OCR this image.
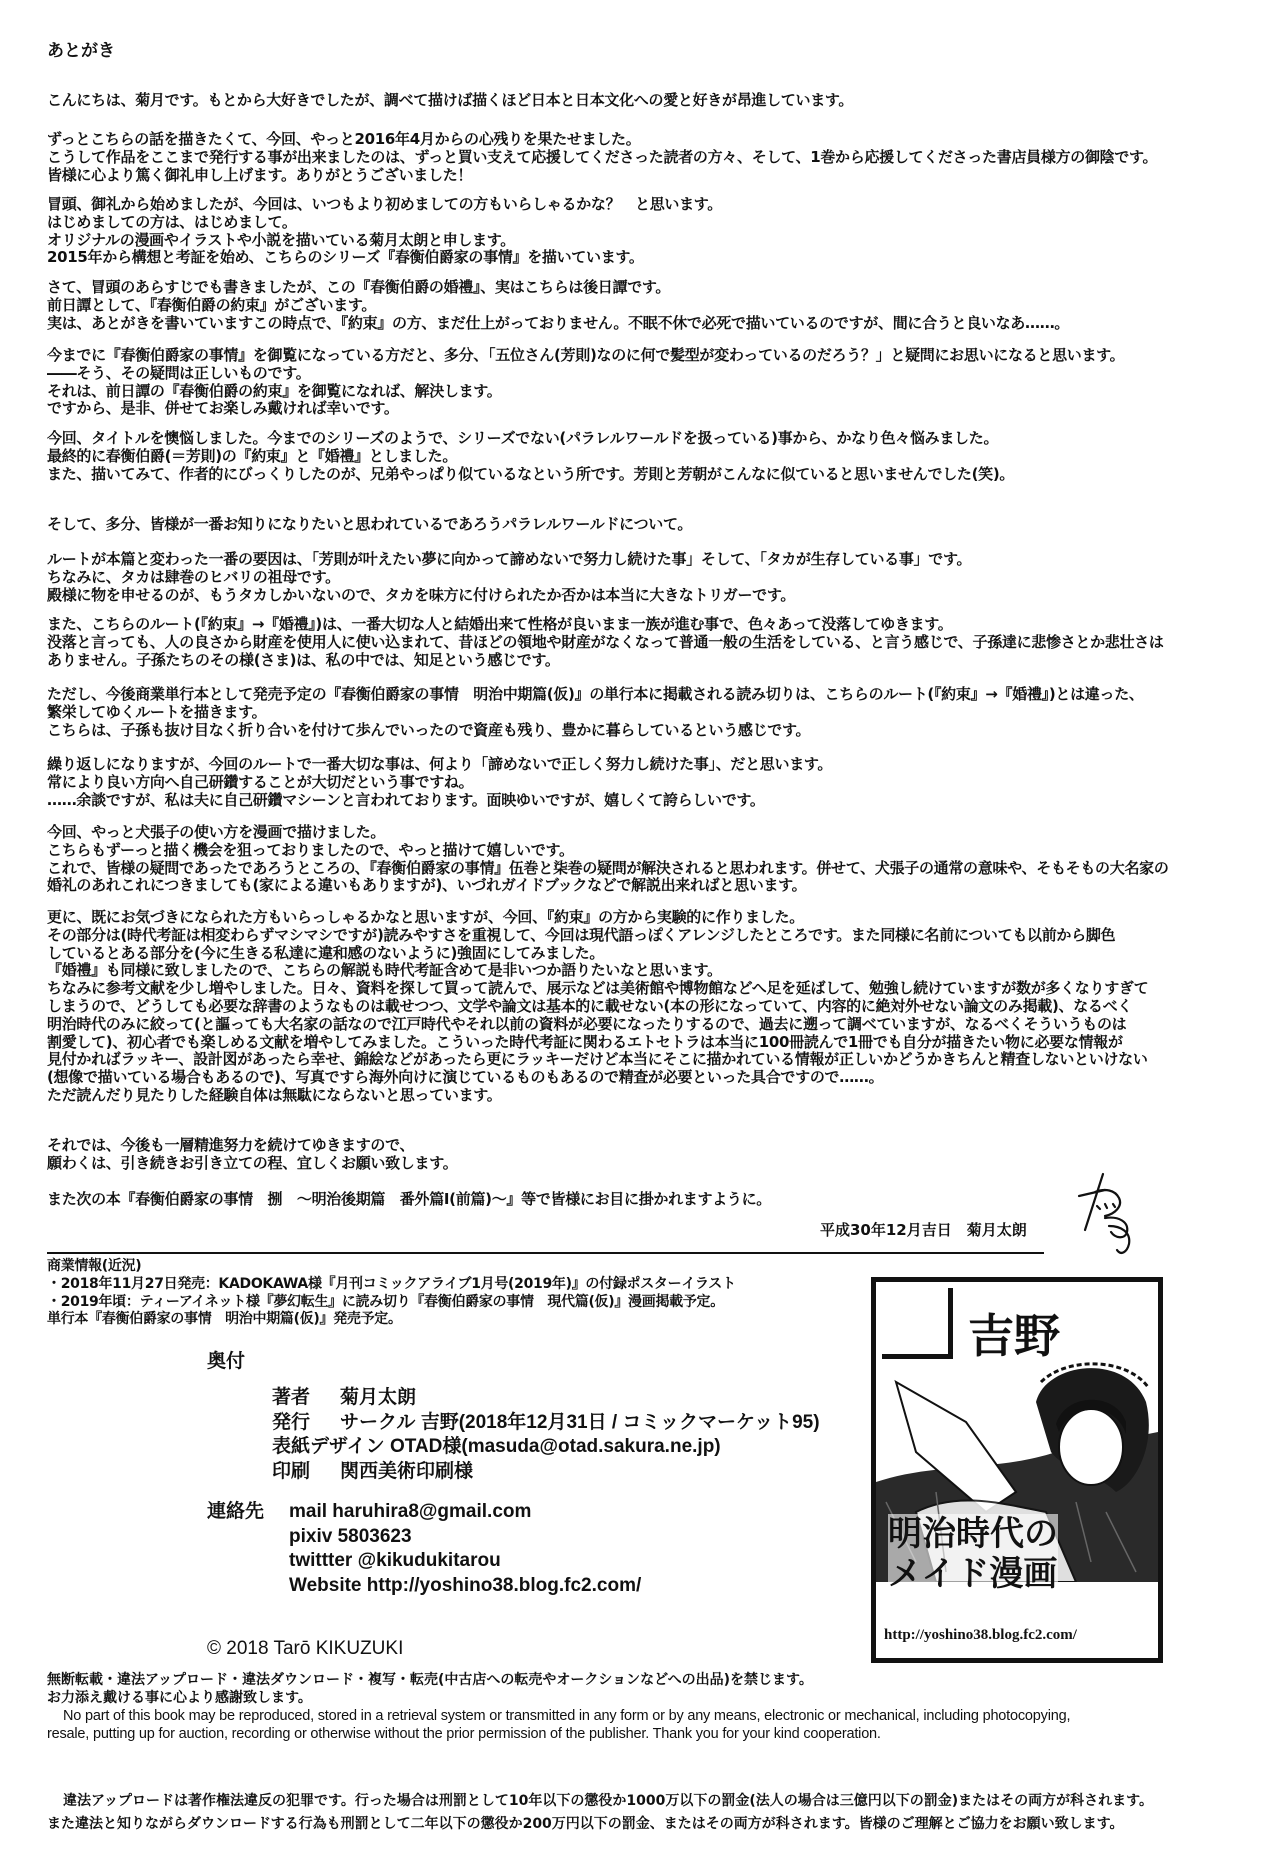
あとがき
こんにちは、菊月です。もとから大好きでしたが、調べて描けば描くほど日本と日本文化への愛と好きが昂進しています。
ずっとこちらの話を描きたくて、今回、やっと2016年4月からの心残りを果たせました。
こうして作品をここまで発行する事が出来ましたのは、ずっと買い支えて応援してくださった読者の方々、そして、1巻から応援してくださった書店員様方の御陰です。
皆様に心より篤く御礼申し上げます。ありがとうございました！
冒頭、御礼から始めましたが、今回は、いつもより初めましての方もいらしゃるかな？　と思います。
はじめましての方は、はじめまして。
オリジナルの漫画やイラストや小説を描いている菊月太朗と申します。
2015年から構想と考証を始め、こちらのシリーズ『春衡伯爵家の事情』を描いています。
さて、冒頭のあらすじでも書きましたが、この『春衡伯爵の婚禮』、実はこちらは後日譚です。
前日譚として、『春衡伯爵の約束』がございます。
実は、あとがきを書いていますこの時点で、『約束』の方、まだ仕上がっておりません。不眠不休で必死で描いているのですが、間に合うと良いなあ……。
今までに『春衡伯爵家の事情』を御覧になっている方だと、多分、「五位さん(芳則)なのに何で髪型が変わっているのだろう？」と疑問にお思いになると思います。
――そう、その疑問は正しいものです。
それは、前日譚の『春衡伯爵の約束』を御覧になれば、解決します。
ですから、是非、併せてお楽しみ戴ければ幸いです。
今回、タイトルを懊悩しました。今までのシリーズのようで、シリーズでない(パラレルワールドを扱っている)事から、かなり色々悩みました。
最終的に春衡伯爵(＝芳則)の『約束』と『婚禮』としました。
また、描いてみて、作者的にびっくりしたのが、兄弟やっぱり似ているなという所です。芳則と芳朝がこんなに似ていると思いませんでした(笑)。
そして、多分、皆様が一番お知りになりたいと思われているであろうパラレルワールドについて。
ルートが本篇と変わった一番の要因は、「芳則が叶えたい夢に向かって諦めないで努力し続けた事」そして、「タカが生存している事」です。
ちなみに、タカは肆巻のヒバリの祖母です。
殿様に物を申せるのが、もうタカしかいないので、タカを味方に付けられたか否かは本当に大きなトリガーです。
また、こちらのルート(『約束』→『婚禮』)は、一番大切な人と結婚出来て性格が良いまま一族が進む事で、色々あって没落してゆきます。
没落と言っても、人の良さから財産を使用人に使い込まれて、昔ほどの領地や財産がなくなって普通一般の生活をしている、と言う感じで、子孫達に悲惨さとか悲壮さは
ありません。子孫たちのその様(さま)は、私の中では、知足という感じです。
ただし、今後商業単行本として発売予定の『春衡伯爵家の事情　明治中期篇(仮)』の単行本に掲載される読み切りは、こちらのルート(『約束』→『婚禮』)とは違った、
繁栄してゆくルートを描きます。
こちらは、子孫も抜け目なく折り合いを付けて歩んでいったので資産も残り、豊かに暮らしているという感じです。
繰り返しになりますが、今回のルートで一番大切な事は、何より「諦めないで正しく努力し続けた事」、だと思います。
常により良い方向へ自己研鑽することが大切だという事ですね。
……余談ですが、私は夫に自己研鑽マシーンと言われております。面映ゆいですが、嬉しくて誇らしいです。
今回、やっと犬張子の使い方を漫画で描けました。
こちらもずーっと描く機会を狙っておりましたので、やっと描けて嬉しいです。
これで、皆様の疑問であったであろうところの、『春衡伯爵家の事情』伍巻と柒巻の疑問が解決されると思われます。併せて、犬張子の通常の意味や、そもそもの大名家の
婚礼のあれこれにつきましても(家による違いもありますが)、いづれガイドブックなどで解説出来ればと思います。
更に、既にお気づきになられた方もいらっしゃるかなと思いますが、今回、『約束』の方から実験的に作りました。
その部分は(時代考証は相変わらずマシマシですが)読みやすさを重視して、今回は現代語っぽくアレンジしたところです。また同様に名前についても以前から脚色
しているとある部分を(今に生きる私達に違和感のないように)強固にしてみました。
『婚禮』も同様に致しましたので、こちらの解説も時代考証含めて是非いつか語りたいなと思います。
ちなみに参考文献を少し増やしました。日々、資料を探して買って読んで、展示などは美術館や博物館などへ足を延ばして、勉強し続けていますが数が多くなりすぎて
しまうので、どうしても必要な辞書のようなものは載せつつ、文学や論文は基本的に載せない(本の形になっていて、内容的に絶対外せない論文のみ掲載)、なるべく
明治時代のみに絞って(と謳っても大名家の話なので江戸時代やそれ以前の資料が必要になったりするので、過去に遡って調べていますが、なるべくそういうものは
割愛して)、初心者でも楽しめる文献を増やしてみました。こういった時代考証に関わるエトセトラは本当に100冊読んで1冊でも自分が描きたい物に必要な情報が
見付かればラッキー、設計図があったら幸せ、錦絵などがあったら更にラッキーだけど本当にそこに描かれている情報が正しいかどうかきちんと精査しないといけない
(想像で描いている場合もあるので)、写真ですら海外向けに演じているものもあるので精査が必要といった具合ですので……。
ただ読んだり見たりした経験自体は無駄にならないと思っています。
それでは、今後も一層精進努力を続けてゆきますので、
願わくは、引き続きお引き立ての程、宜しくお願い致します。
また次の本『春衡伯爵家の事情　捌　～明治後期篇　番外篇Ⅰ(前篇)～』等で皆様にお目に掛かれますように。
平成30年12月吉日　菊月太朗
商業情報(近況)
・2018年11月27日発売：KADOKAWA様『月刊コミックアライブ1月号(2019年)』の付録ポスターイラスト
・2019年頃：ティーアイネット様『夢幻転生』に読み切り『春衡伯爵家の事情　現代篇(仮)』漫画掲載予定。
単行本『春衡伯爵家の事情　明治中期篇(仮)』発売予定。
奥付
著者 菊月太朗
発行 サークル 吉野(2018年12月31日 / コミックマーケット95)
表紙デザイン OTAD様(masuda@otad.sakura.ne.jp)
印刷 関西美術印刷様
連絡先	mail haruhira8@gmail.com
pixiv 5803623
twittter @kikudukitarou
Website http://yoshino38.blog.fc2.com/
© 2018 Tarō KIKUZUKI
吉野
明治時代の
メイド漫画
http://yoshino38.blog.fc2.com/
無断転載・違法アップロード・違法ダウンロード・複写・転売(中古店への転売やオークションなどへの出品)を禁じます。
お力添え戴ける事に心より感謝致します。
No part of this book may be reproduced, stored in a retrieval system or transmitted in any form or by any means, electronic or mechanical, including photocopying,
resale, putting up for auction, recording or otherwise without the prior permission of the publisher. Thank you for your kind cooperation.
違法アップロードは著作権法違反の犯罪です。行った場合は刑罰として10年以下の懲役か1000万以下の罰金(法人の場合は三億円以下の罰金)またはその両方が科されます。
また違法と知りながらダウンロードする行為も刑罰として二年以下の懲役か200万円以下の罰金、またはその両方が科されます。皆様のご理解とご協力をお願い致します。
